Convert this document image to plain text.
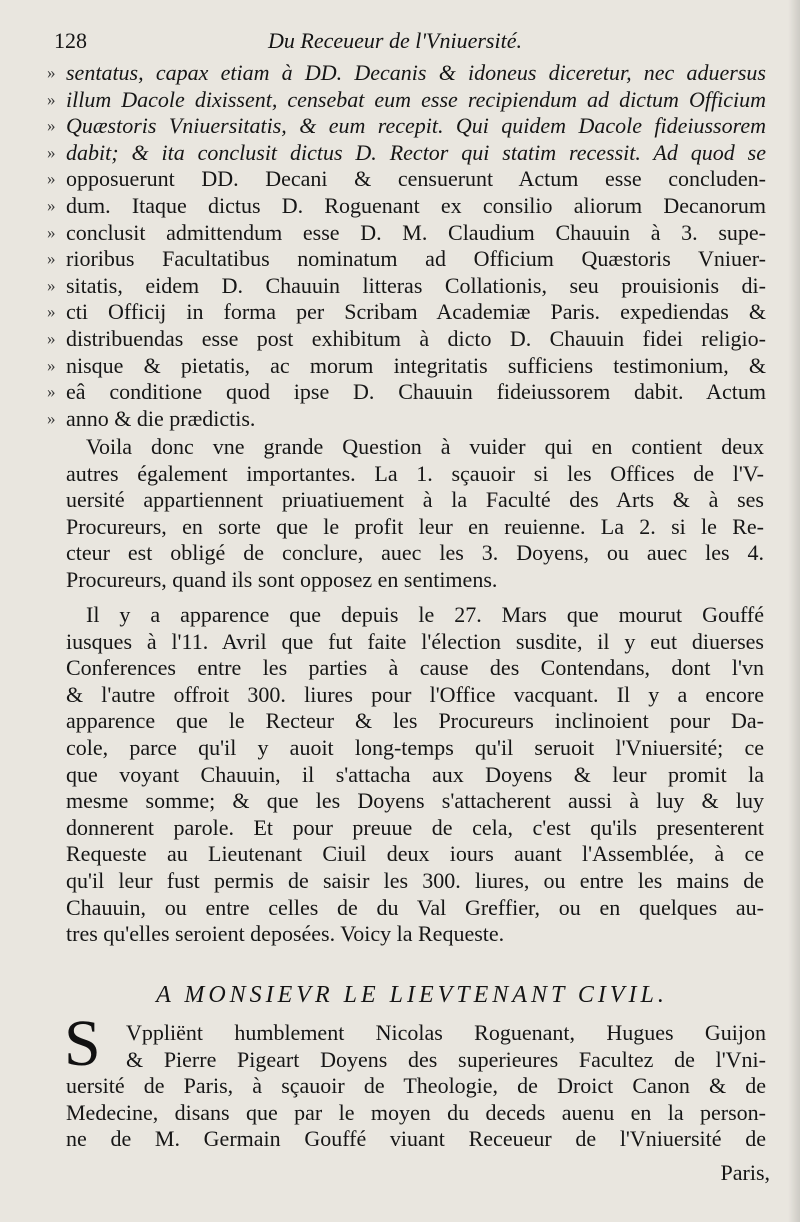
128	Du Receueur de l'Vniuersité.
» sentatus, capax etiam à DD. Decanis & idoneus diceretur, nec aduersus
» illum Dacole dixissent, censebat eum esse recipiendum ad dictum Officium
» Quæstoris Vniuersitatis, & eum recepit. Qui quidem Dacole fideiussorem
» dabit; & ita conclusit dictus D. Rector qui statim recessit. Ad quod se
» opposuerunt DD. Decani & censuerunt Actum esse concluden-
» dum. Itaque dictus D. Roguenant ex consilio aliorum Decanorum
» conclusit admittendum esse D. M. Claudium Chauuin à 3. supe-
» rioribus Facultatibus nominatum ad Officium Quæstoris Vniuer-
» sitatis, eidem D. Chauuin litteras Collationis, seu prouisionis di-
» cti Officij in forma per Scribam Academiæ Paris. expediendas &
» distribuendas esse post exhibitum à dicto D. Chauuin fidei religio-
» nisque & pietatis, ac morum integritatis sufficiens testimonium, &
» eâ conditione quod ipse D. Chauuin fideiussorem dabit. Actum
» anno & die prædictis.
Voila donc vne grande Question à vuider qui en contient deux
autres également importantes. La 1. sçauoir si les Offices de l'V-
uersité appartiennent priuatiuement à la Faculté des Arts & à ses
Procureurs, en sorte que le profit leur en reuienne. La 2. si le Re-
cteur est obligé de conclure, auec les 3. Doyens, ou auec les 4.
Procureurs, quand ils sont opposez en sentimens.
Il y a apparence que depuis le 27. Mars que mourut Gouffé
iusques à l'11. Avril que fut faite l'élection susdite, il y eut diuerses
Conferences entre les parties à cause des Contendans, dont l'vn
& l'autre offroit 300. liures pour l'Office vacquant. Il y a encore
apparence que le Recteur & les Procureurs inclinoient pour Da-
cole, parce qu'il y auoit long-temps qu'il seruoit l'Vniuersité; ce
que voyant Chauuin, il s'attacha aux Doyens & leur promit la
mesme somme; & que les Doyens s'attacherent aussi à luy & luy
donnerent parole. Et pour preuue de cela, c'est qu'ils presenterent
Requeste au Lieutenant Ciuil deux iours auant l'Assemblée, à ce
qu'il leur fust permis de saisir les 300. liures, ou entre les mains de
Chauuin, ou entre celles de du Val Greffier, ou en quelques au-
tres qu'elles seroient deposées. Voicy la Requeste.
A MONSIEVR LE LIEVTENANT CIVIL.
S	Vppliënt humblement Nicolas Roguenant, Hugues Guijon
& Pierre Pigeart Doyens des superieures Facultez de l'Vni-
uersité de Paris, à sçauoir de Theologie, de Droict Canon & de
Medecine, disans que par le moyen du deceds auenu en la person-
ne de M. Germain Gouffé viuant Receueur de l'Vniuersité de
Paris,
